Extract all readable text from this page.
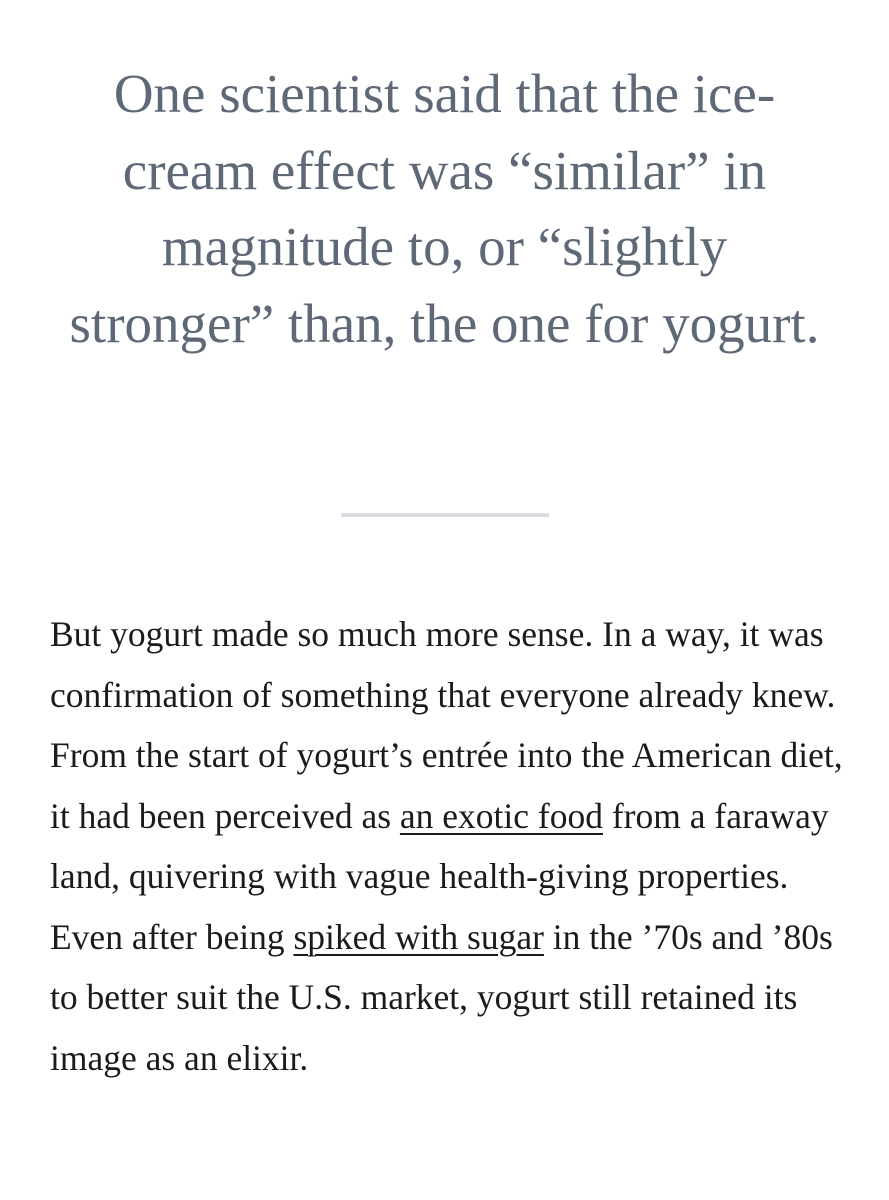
One scientist said that the ice-cream effect was “similar” in magnitude to, or “slightly stronger” than, the one for yogurt.

But yogurt made so much more sense. In a way, it was confirmation of something that everyone already knew. From the start of yogurt’s entrée into the American diet, it had been perceived as an exotic food from a faraway land, quivering with vague health-giving properties. Even after being spiked with sugar in the ’70s and ’80s to better suit the U.S. market, yogurt still retained its image as an elixir.
